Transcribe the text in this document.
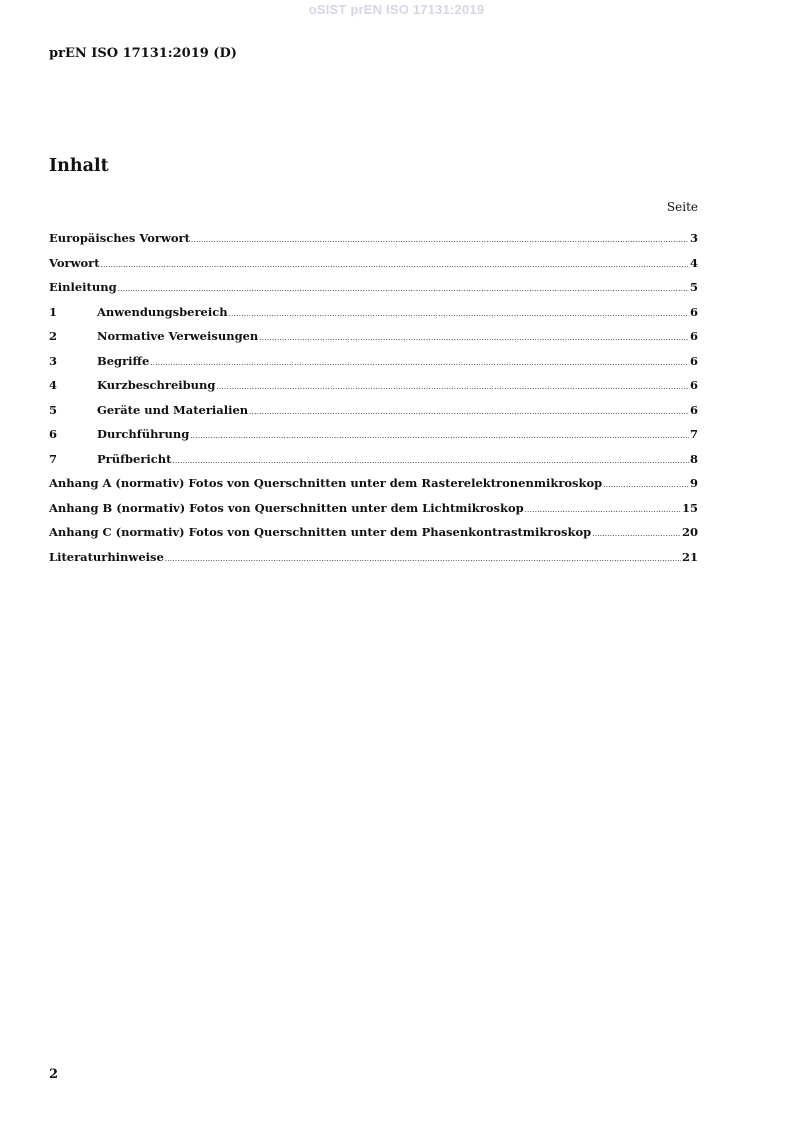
oSIST prEN ISO 17131:2019
prEN ISO 17131:2019 (D)
Inhalt
Seite
Europäisches Vorwort .....	3
Vorwort .....	4
Einleitung .....	5
1	Anwendungsbereich .....	6
2	Normative Verweisungen .....	6
3	Begriffe .....	6
4	Kurzbeschreibung .....	6
5	Geräte und Materialien .....	6
6	Durchführung .....	7
7	Prüfbericht .....	8
Anhang A (normativ) Fotos von Querschnitten unter dem Rasterelektronenmikroskop .....	9
Anhang B (normativ) Fotos von Querschnitten unter dem Lichtmikroskop .....	15
Anhang C (normativ) Fotos von Querschnitten unter dem Phasenkontrastmikroskop .....	20
Literaturhinweise .....	21
2
